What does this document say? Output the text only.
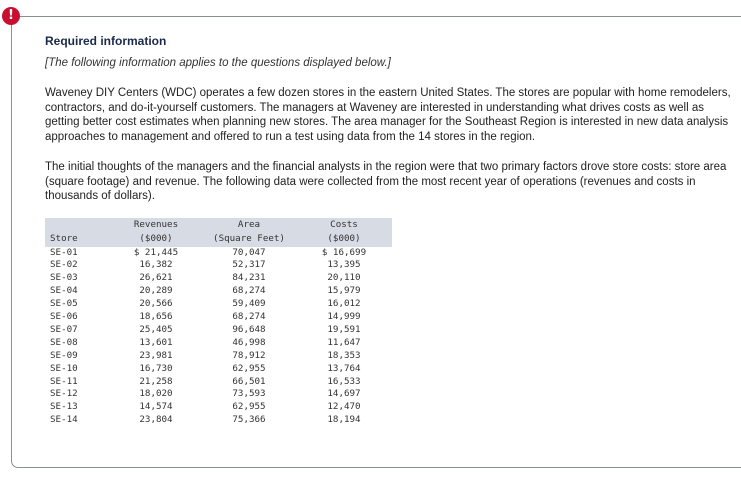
!
Required information
[The following information applies to the questions displayed below.]
Waveney DIY Centers (WDC) operates a few dozen stores in the eastern United States. The stores are popular with home remodelers, contractors, and do-it-yourself customers. The managers at Waveney are interested in understanding what drives costs as well as getting better cost estimates when planning new stores. The area manager for the Southeast Region is interested in new data analysis approaches to management and offered to run a test using data from the 14 stores in the region.
The initial thoughts of the managers and the financial analysts in the region were that two primary factors drove store costs: store area (square footage) and revenue. The following data were collected from the most recent year of operations (revenues and costs in thousands of dollars).
Store	Revenues	Area	Costs
	($000)	(Square Feet)	($000)
SE-01	$ 21,445	70,047	$ 16,699
SE-02	16,382	52,317	13,395
SE-03	26,621	84,231	20,110
SE-04	20,289	68,274	15,979
SE-05	20,566	59,409	16,012
SE-06	18,656	68,274	14,999
SE-07	25,405	96,648	19,591
SE-08	13,601	46,998	11,647
SE-09	23,981	78,912	18,353
SE-10	16,730	62,955	13,764
SE-11	21,258	66,501	16,533
SE-12	18,020	73,593	14,697
SE-13	14,574	62,955	12,470
SE-14	23,804	75,366	18,194
